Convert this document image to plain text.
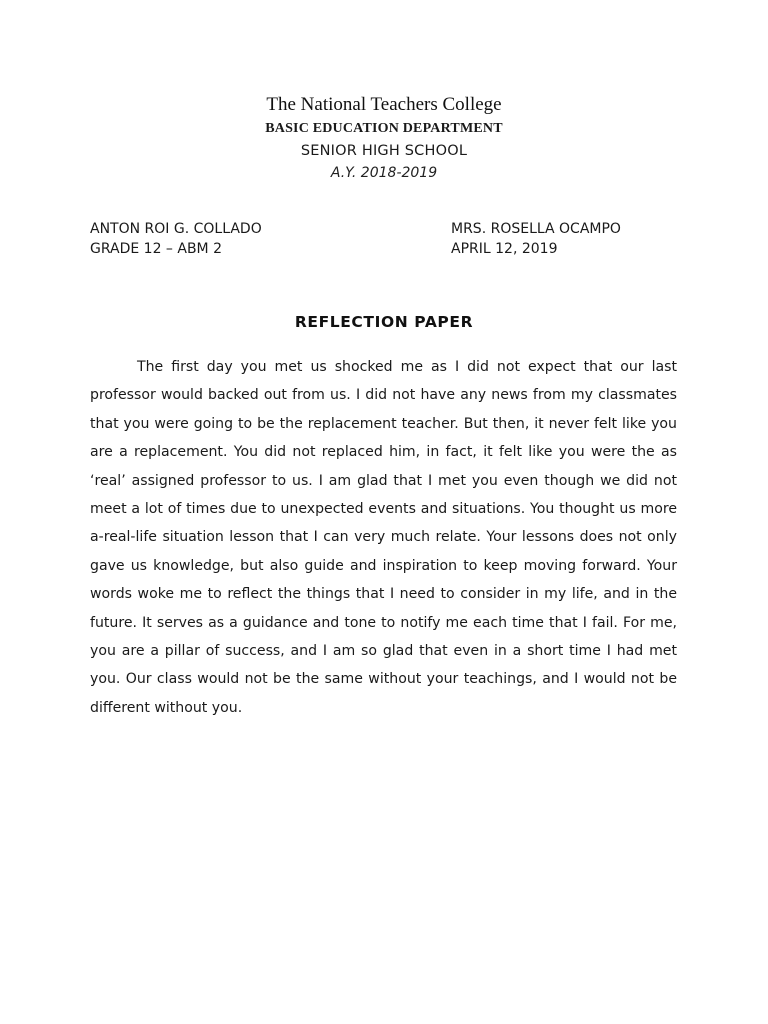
The National Teachers College
BASIC EDUCATION DEPARTMENT
SENIOR HIGH SCHOOL
A.Y. 2018-2019
ANTON ROI G. COLLADO
GRADE 12 – ABM 2
MRS. ROSELLA OCAMPO
APRIL 12, 2019
REFLECTION PAPER

The first day you met us shocked me as I did not expect that our last professor would backed out from us. I did not have any news from my classmates that you were going to be the replacement teacher. But then, it never felt like you are a replacement. You did not replaced him, in fact, it felt like you were the as ‘real’ assigned professor to us. I am glad that I met you even though we did not meet a lot of times due to unexpected events and situations. You thought us more a-real-life situation lesson that I can very much relate. Your lessons does not only gave us knowledge, but also guide and inspiration to keep moving forward. Your words woke me to reflect the things that I need to consider in my life, and in the future. It serves as a guidance and tone to notify me each time that I fail. For me, you are a pillar of success, and I am so glad that even in a short time I had met you. Our class would not be the same without your teachings, and I would not be different without you.
